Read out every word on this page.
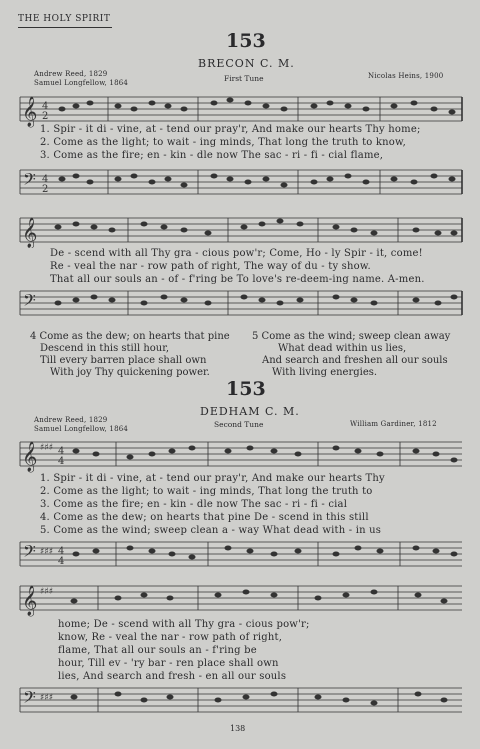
THE HOLY SPIRIT
153
BRECON C. M.
Andrew Reed, 1829
Samuel Longfellow, 1864	First Tune	Nicolas Heins, 1900
𝄞 4
2
1. Spir - it di - vine, at - tend our pray'r, And make our hearts Thy home;
2. Come as the light; to wait - ing minds, That long the truth to know,
3. Come as the fire; en - kin - dle now The sac - ri - fi - cial flame,
𝄢 4
2
𝄞
De - scend with all Thy gra - cious pow'r; Come, Ho - ly Spir - it, come!
Re - veal the nar - row path of right, The way of du - ty show.
That all our souls an - of - f'ring be To love's re-deem-ing name. A-men.
𝄢
4 Come as the dew; on hearts that pine
Descend in this still hour,
Till every barren place shall own
With joy Thy quickening power.
5 Come as the wind; sweep clean away
What dead within us lies,
And search and freshen all our souls
With living energies.
153
DEDHAM C. M.
Andrew Reed, 1829
Samuel Longfellow, 1864	Second Tune	William Gardiner, 1812
𝄞 ♯♯♯ 4
4
1. Spir - it di - vine, at - tend our pray'r, And make our hearts Thy
2. Come as the light; to wait - ing minds, That long the truth to
3. Come as the fire; en - kin - dle now The sac - ri - fi - cial
4. Come as the dew; on hearts that pine De - scend in this still
5. Come as the wind; sweep clean a - way What dead with - in us
𝄢 ♯♯♯ 4
4
𝄞 ♯♯♯
home; De - scend with all Thy gra - cious pow'r;
know, Re - veal the nar - row path of right,
flame, That all our souls an - f'ring be
hour, Till ev - 'ry bar - ren place shall own
lies, And search and fresh - en all our souls
𝄢 ♯♯♯
138
